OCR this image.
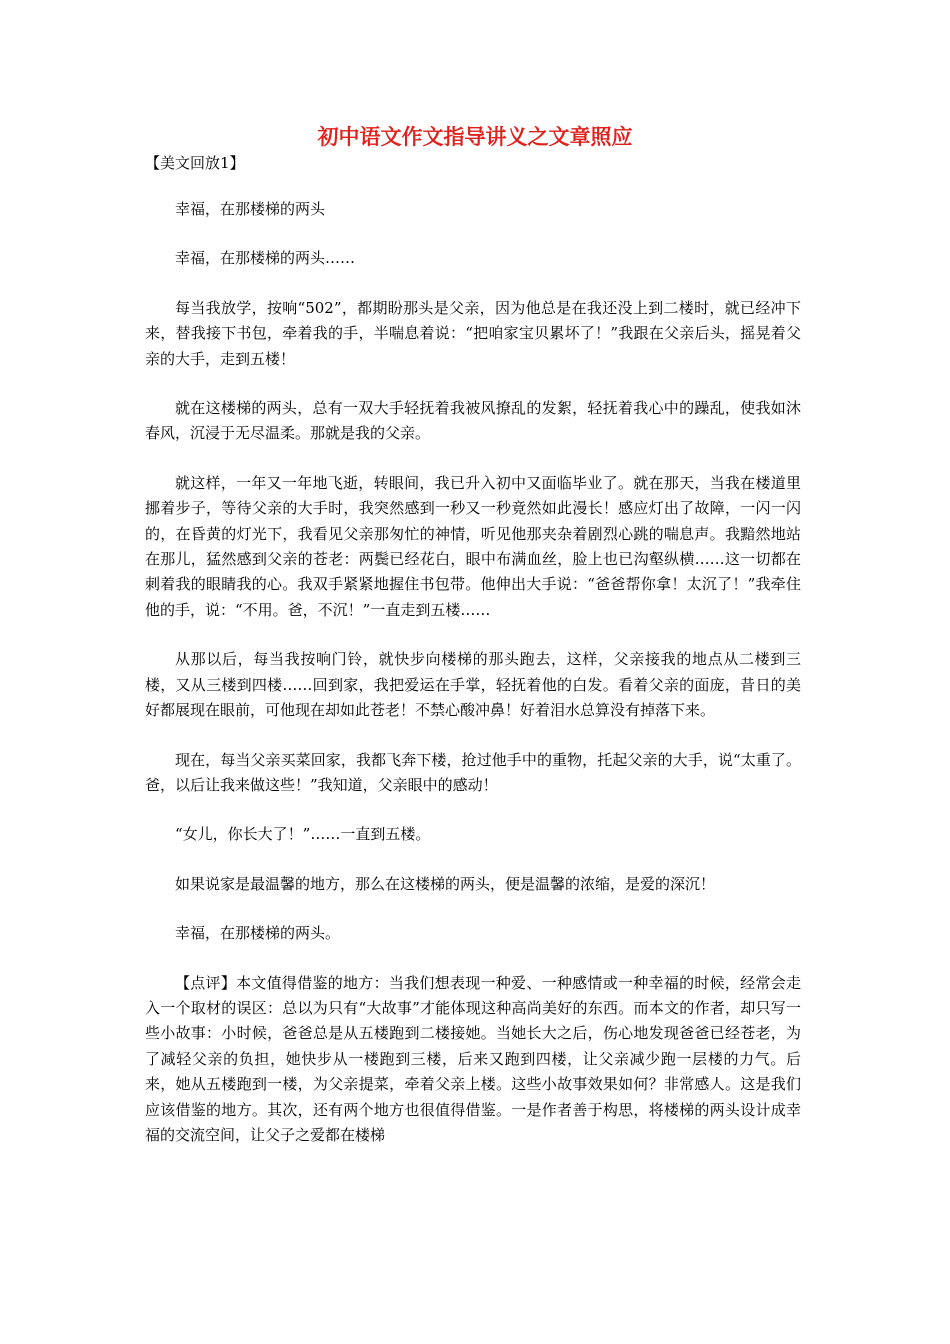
初中语文作文指导讲义之文章照应

【美文回放1】

幸福，在那楼梯的两头

幸福，在那楼梯的两头……

每当我放学，按响“502”，都期盼那头是父亲，因为他总是在我还没上到二楼时，就已经冲下来，替我接下书包，牵着我的手，半喘息着说：“把咱家宝贝累坏了！”我跟在父亲后头，摇晃着父亲的大手，走到五楼！

就在这楼梯的两头，总有一双大手轻抚着我被风撩乱的发絮，轻抚着我心中的躁乱，使我如沐春风，沉浸于无尽温柔。那就是我的父亲。

就这样，一年又一年地飞逝，转眼间，我已升入初中又面临毕业了。就在那天，当我在楼道里挪着步子，等待父亲的大手时，我突然感到一秒又一秒竟然如此漫长！感应灯出了故障，一闪一闪的，在昏黄的灯光下，我看见父亲那匆忙的神情，听见他那夹杂着剧烈心跳的喘息声。我黯然地站在那儿，猛然感到父亲的苍老：两鬓已经花白，眼中布满血丝，脸上也已沟壑纵横……这一切都在刺着我的眼睛我的心。我双手紧紧地握住书包带。他伸出大手说：“爸爸帮你拿！太沉了！”我牵住他的手，说：“不用。爸，不沉！”一直走到五楼……

从那以后，每当我按响门铃，就快步向楼梯的那头跑去，这样，父亲接我的地点从二楼到三楼，又从三楼到四楼……回到家，我把爱运在手掌，轻抚着他的白发。看着父亲的面庞，昔日的美好都展现在眼前，可他现在却如此苍老！不禁心酸冲鼻！好着泪水总算没有掉落下来。

现在，每当父亲买菜回家，我都飞奔下楼，抢过他手中的重物，托起父亲的大手，说“太重了。爸，以后让我来做这些！”我知道，父亲眼中的感动！

“女儿，你长大了！”……一直到五楼。

如果说家是最温馨的地方，那么在这楼梯的两头，便是温馨的浓缩，是爱的深沉！

幸福，在那楼梯的两头。

【点评】本文值得借鉴的地方：当我们想表现一种爱、一种感情或一种幸福的时候，经常会走入一个取材的误区：总以为只有“大故事”才能体现这种高尚美好的东西。而本文的作者，却只写一些小故事：小时候，爸爸总是从五楼跑到二楼接她。当她长大之后，伤心地发现爸爸已经苍老，为了减轻父亲的负担，她快步从一楼跑到三楼，后来又跑到四楼，让父亲减少跑一层楼的力气。后来，她从五楼跑到一楼，为父亲提菜，牵着父亲上楼。这些小故事效果如何？非常感人。这是我们应该借鉴的地方。其次，还有两个地方也很值得借鉴。一是作者善于构思，将楼梯的两头设计成幸福的交流空间，让父子之爱都在楼梯
